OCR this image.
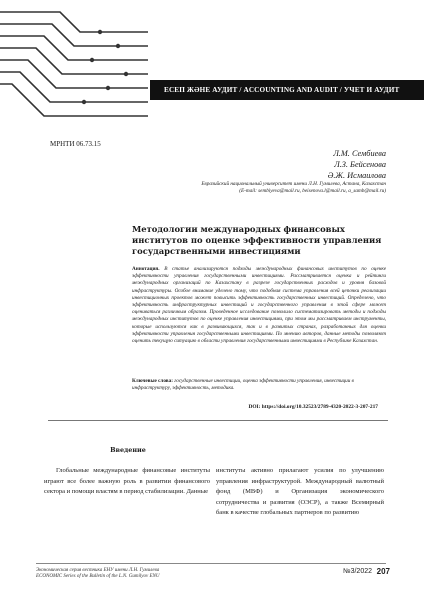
ЕСЕП ЖӘНЕ АУДИТ / ACCOUNTING AND AUDIT / УЧЕТ И АУДИТ
МРНТИ 06.73.15
Л.М. Сембиева
Л.З. Бейсенова
Ә.Ж. Исмаилова
Евразийский национальный университет имени Л.Н. Гумилева, Астана, Казахстан
(E-mail: sembiyeva@mail.ru, beisenova.l@mail.ru, a_samb@mail.ru)
Методологии международных финансовых институтов по оценке эффективности управления государственными инвестициями
Аннотация. В статье анализируются подходы международных финансовых институтов по оценке эффективности управления государственными инвестициями. Рассматривается оценка и рейтинги международных организаций по Казахстану в разрезе государственных расходов и уровня базовой инфраструктуры. Особое внимание уделено тому, что подобная система управления всей цепочки реализации инвестиционных проектов может повысить эффективность государственных инвестиций. Определено, что эффективность инфраструктурных инвестиций и государственного управления в этой сфере может оцениваться различным образом. Проведенное исследование позволило систематизировать методы и подходы международных институтов по оценке управления инвестициями, при этом мы рассматриваем инструменты, которые используются как в развивающихся, так и в развитых странах, разработанных для оценки эффективности управления государственными инвестициями. По мнению авторов, данные методы позволяют оценить текущую ситуацию в области управления государственными инвестициями в Республике Казахстан.
Ключевые слова: государственные инвестиции, оценка эффективности управления, инвестиции в инфраструктуру, эффективность, методика.
DOI: https://doi.org/10.32523/2789-4320-2022-3-207-217
Введение
Глобальные международные финансовые институты играют все более важную роль в развитии финансового сектора и помощи властям в период стабилизации. Данные
институты активно прилагают усилия по улучшению управления инфраструктурой. Международный валютный фонд (МВФ) и Организация экономического сотрудничества и развития (ОЭСР), а также Всемирный банк в качестве глобальных партнеров по развитию
Экономическая серия вестника ЕНУ имени Л.Н. Гумилева
ECONOMIC Series of the Bulletin of the L.N. Gumilyov ENU
№3/2022 207
